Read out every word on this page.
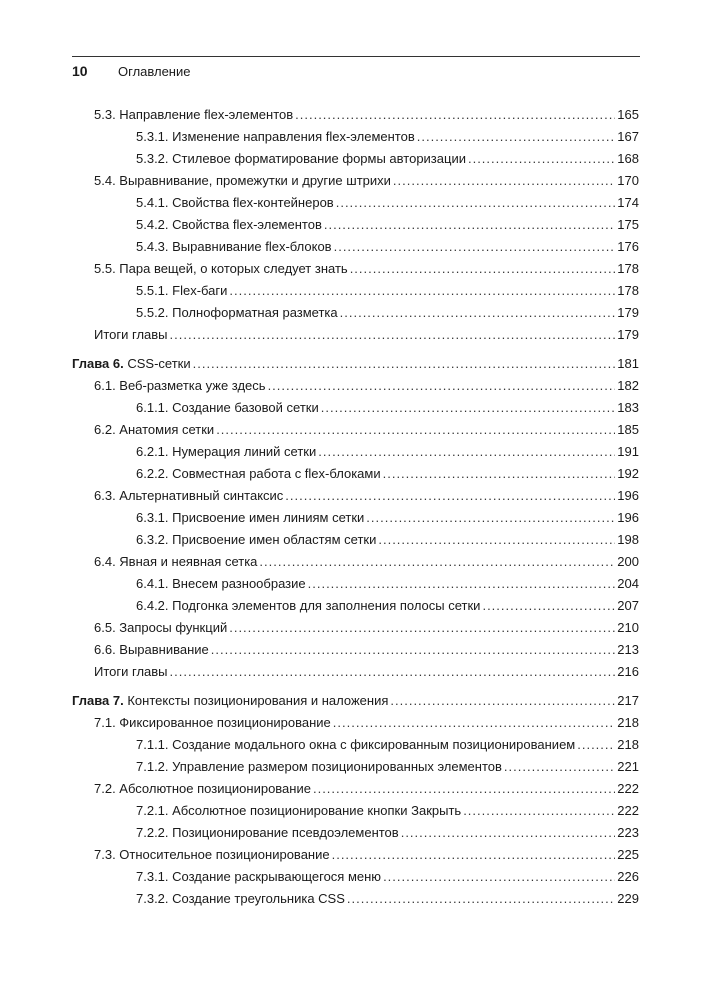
10 Оглавление
5.3. Направление flex-элементов .....	165
5.3.1. Изменение направления flex-элементов .....	167
5.3.2. Стилевое форматирование формы авторизации .....	168
5.4. Выравнивание, промежутки и другие штрихи .....	170
5.4.1. Свойства flex-контейнеров .....	174
5.4.2. Свойства flex-элементов .....	175
5.4.3. Выравнивание flex-блоков .....	176
5.5. Пара вещей, о которых следует знать .....	178
5.5.1. Flex-баги .....	178
5.5.2. Полноформатная разметка .....	179
Итоги главы .....	179
Глава 6. CSS-сетки .....	181
6.1. Веб-разметка уже здесь .....	182
6.1.1. Создание базовой сетки .....	183
6.2. Анатомия сетки .....	185
6.2.1. Нумерация линий сетки .....	191
6.2.2. Совместная работа с flex-блоками .....	192
6.3. Альтернативный синтаксис .....	196
6.3.1. Присвоение имен линиям сетки .....	196
6.3.2. Присвоение имен областям сетки .....	198
6.4. Явная и неявная сетка .....	200
6.4.1. Внесем разнообразие .....	204
6.4.2. Подгонка элементов для заполнения полосы сетки .....	207
6.5. Запросы функций .....	210
6.6. Выравнивание .....	213
Итоги главы .....	216
Глава 7. Контексты позиционирования и наложения .....	217
7.1. Фиксированное позиционирование .....	218
7.1.1. Создание модального окна с фиксированным позиционированием .....	218
7.1.2. Управление размером позиционированных элементов .....	221
7.2. Абсолютное позиционирование .....	222
7.2.1. Абсолютное позиционирование кнопки Закрыть .....	222
7.2.2. Позиционирование псевдоэлементов .....	223
7.3. Относительное позиционирование .....	225
7.3.1. Создание раскрывающегося меню .....	226
7.3.2. Создание треугольника CSS .....	229
